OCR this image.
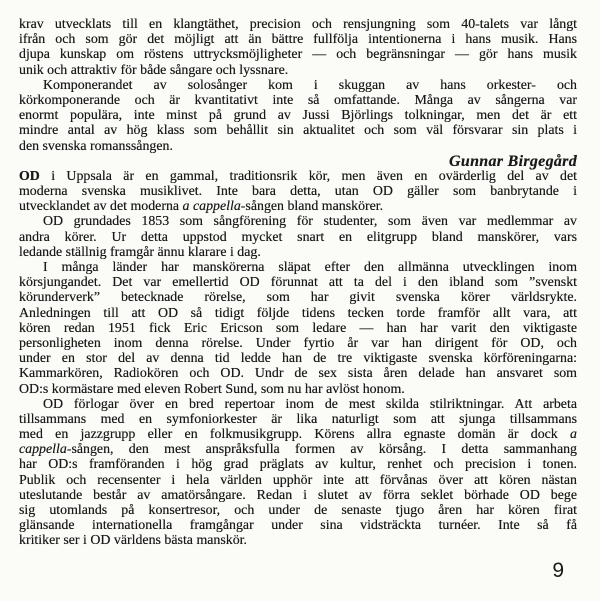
krav utvecklats till en klangtäthet, precision och rensjungning som 40-talets var långt
ifrån och som gör det möjligt att än bättre fullfölja intentionerna i hans musik. Hans
djupa kunskap om röstens uttrycksmöjligheter — och begränsningar — gör hans musik
unik och attraktiv för både sångare och lyssnare.
Komponerandet av solosånger kom i skuggan av hans orkester- och
körkomponerande och är kvantitativt inte så omfattande. Många av sångerna var
enormt populära, inte minst på grund av Jussi Björlings tolkningar, men det är ett
mindre antal av hög klass som behållit sin aktualitet och som väl försvarar sin plats i
den svenska romanssången.
Gunnar Birgegård
OD i Uppsala är en gammal, traditionsrik kör, men även en ovärderlig del av det
moderna svenska musiklivet. Inte bara detta, utan OD gäller som banbrytande i
utvecklandet av det moderna a cappella-sången bland manskörer.
OD grundades 1853 som sångförening för studenter, som även var medlemmar av
andra körer. Ur detta uppstod mycket snart en elitgrupp bland manskörer, vars
ledande ställnig framgår ännu klarare i dag.
I många länder har manskörerna släpat efter den allmänna utvecklingen inom
körsjungandet. Det var emellertid OD förunnat att ta del i den ibland som ”svenskt
körunderverk” betecknade rörelse, som har givit svenska körer världsrykte.
Anledningen till att OD så tidigt följde tidens tecken torde framför allt vara, att
kören redan 1951 fick Eric Ericson som ledare — han har varit den viktigaste
personligheten inom denna rörelse. Under fyrtio år var han dirigent för OD, och
under en stor del av denna tid ledde han de tre viktigaste svenska körföreningarna:
Kammarkören, Radiokören och OD. Undr de sex sista åren delade han ansvaret som
OD:s kormästare med eleven Robert Sund, som nu har avlöst honom.
OD förlogar över en bred repertoar inom de mest skilda stilriktningar. Att arbeta
tillsammans med en symfoniorkester är lika naturligt som att sjunga tillsammans
med en jazzgrupp eller en folkmusikgrupp. Körens allra egnaste domän är dock a
cappella-sången, den mest anspråksfulla formen av körsång. I detta sammanhang
har OD:s framföranden i hög grad präglats av kultur, renhet och precision i tonen.
Publik och recensenter i hela världen upphör inte att förvånas över att kören nästan
uteslutande består av amatörsångare. Redan i slutet av förra seklet börhade OD bege
sig utomlands på konsertresor, och under de senaste tjugo åren har kören firat
glänsande internationella framgångar under sina vidsträckta turnéer. Inte så få
kritiker ser i OD världens bästa manskör.
9
